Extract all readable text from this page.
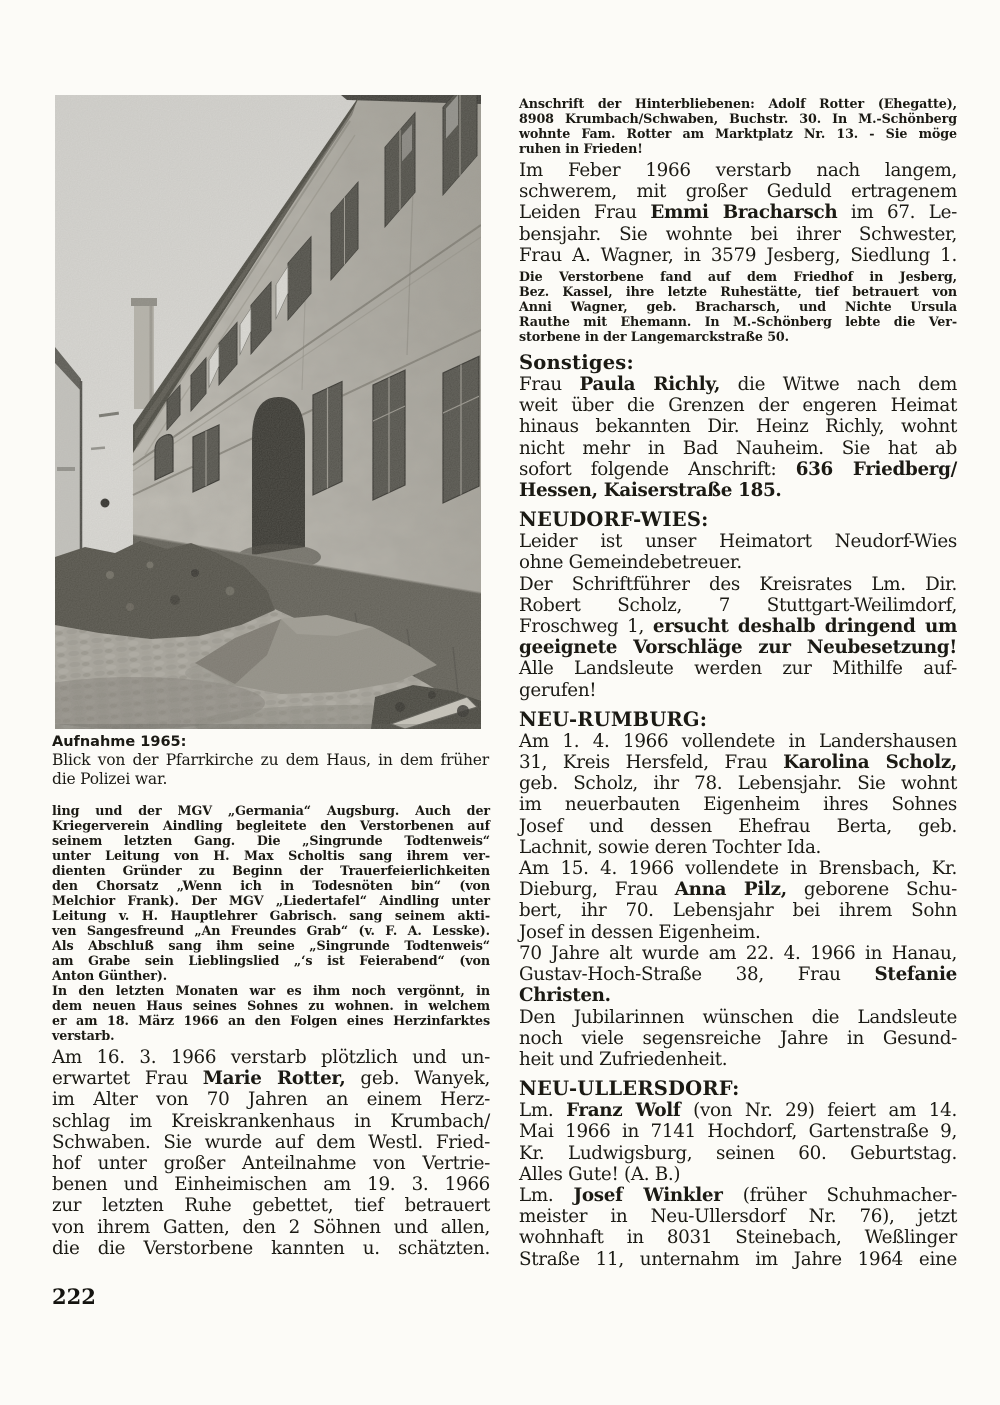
Aufnahme 1965:
Blick von der Pfarrkirche zu dem Haus, in dem früher
die Polizei war.
ling und der MGV „Germania“ Augsburg. Auch der
Kriegerverein Aindling begleitete den Verstorbenen auf
seinem letzten Gang. Die „Singrunde Todtenweis“
unter Leitung von H. Max Scholtis sang ihrem ver-
dienten Gründer zu Beginn der Trauerfeierlichkeiten
den Chorsatz „Wenn ich in Todesnöten bin“ (von
Melchior Frank). Der MGV „Liedertafel“ Aindling unter
Leitung v. H. Hauptlehrer Gabrisch. sang seinem akti-
ven Sangesfreund „An Freundes Grab“ (v. F. A. Lesske).
Als Abschluß sang ihm seine „Singrunde Todtenweis“
am Grabe sein Lieblingslied „‘s ist Feierabend“ (von
Anton Günther).
In den letzten Monaten war es ihm noch vergönnt, in
dem neuen Haus seines Sohnes zu wohnen. in welchem
er am 18. März 1966 an den Folgen eines Herzinfarktes
verstarb.
Am 16. 3. 1966 verstarb plötzlich und un-
erwartet Frau Marie Rotter, geb. Wanyek,
im Alter von 70 Jahren an einem Herz-
schlag im Kreiskrankenhaus in Krumbach/
Schwaben. Sie wurde auf dem Westl. Fried-
hof unter großer Anteilnahme von Vertrie-
benen und Einheimischen am 19. 3. 1966
zur letzten Ruhe gebettet, tief betrauert
von ihrem Gatten, den 2 Söhnen und allen,
die die Verstorbene kannten u. schätzten.
Anschrift der Hinterbliebenen: Adolf Rotter (Ehegatte),
8908 Krumbach/Schwaben, Buchstr. 30. In M.-Schönberg
wohnte Fam. Rotter am Marktplatz Nr. 13. - Sie möge
ruhen in Frieden!
Im Feber 1966 verstarb nach langem,
schwerem, mit großer Geduld ertragenem
Leiden Frau Emmi Bracharsch im 67. Le-
bensjahr. Sie wohnte bei ihrer Schwester,
Frau A. Wagner, in 3579 Jesberg, Siedlung 1.
Die Verstorbene fand auf dem Friedhof in Jesberg,
Bez. Kassel, ihre letzte Ruhestätte, tief betrauert von
Anni Wagner, geb. Bracharsch, und Nichte Ursula
Rauthe mit Ehemann. In M.-Schönberg lebte die Ver-
storbene in der Langemarckstraße 50.
Sonstiges:
Frau Paula Richly, die Witwe nach dem
weit über die Grenzen der engeren Heimat
hinaus bekannten Dir. Heinz Richly, wohnt
nicht mehr in Bad Nauheim. Sie hat ab
sofort folgende Anschrift: 636 Friedberg/
Hessen, Kaiserstraße 185.
NEUDORF-WIES:
Leider ist unser Heimatort Neudorf-Wies
ohne Gemeindebetreuer.
Der Schriftführer des Kreisrates Lm. Dir.
Robert Scholz, 7 Stuttgart-Weilimdorf,
Froschweg 1, ersucht deshalb dringend um
geeignete Vorschläge zur Neubesetzung!
Alle Landsleute werden zur Mithilfe auf-
gerufen!
NEU-RUMBURG:
Am 1. 4. 1966 vollendete in Landershausen
31, Kreis Hersfeld, Frau Karolina Scholz,
geb. Scholz, ihr 78. Lebensjahr. Sie wohnt
im neuerbauten Eigenheim ihres Sohnes
Josef und dessen Ehefrau Berta, geb.
Lachnit, sowie deren Tochter Ida.
Am 15. 4. 1966 vollendete in Brensbach, Kr.
Dieburg, Frau Anna Pilz, geborene Schu-
bert, ihr 70. Lebensjahr bei ihrem Sohn
Josef in dessen Eigenheim.
70 Jahre alt wurde am 22. 4. 1966 in Hanau,
Gustav-Hoch-Straße 38, Frau Stefanie
Christen.
Den Jubilarinnen wünschen die Landsleute
noch viele segensreiche Jahre in Gesund-
heit und Zufriedenheit.
NEU-ULLERSDORF:
Lm. Franz Wolf (von Nr. 29) feiert am 14.
Mai 1966 in 7141 Hochdorf, Gartenstraße 9,
Kr. Ludwigsburg, seinen 60. Geburtstag.
Alles Gute! (A. B.)
Lm. Josef Winkler (früher Schuhmacher-
meister in Neu-Ullersdorf Nr. 76), jetzt
wohnhaft in 8031 Steinebach, Weßlinger
Straße 11, unternahm im Jahre 1964 eine
222
